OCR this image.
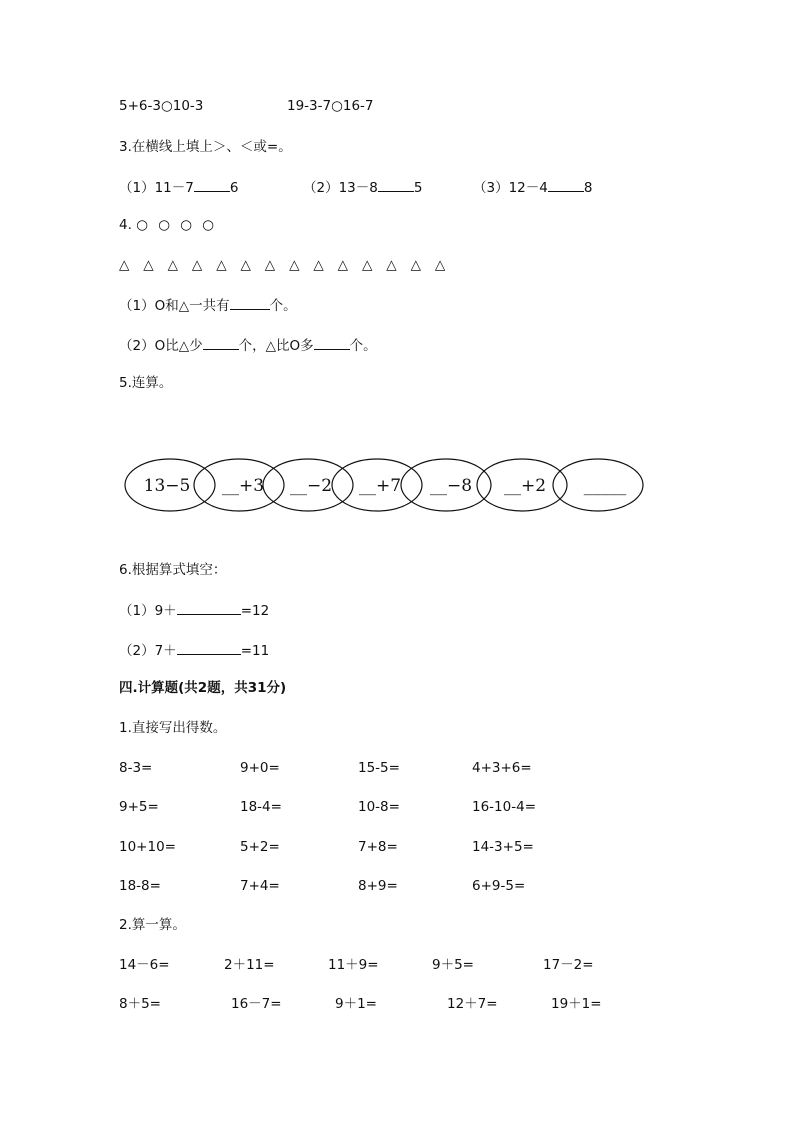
5+6-3○10-3	19-3-7○16-7
3.在横线上填上＞、＜或=。
（1）11－7	6	（2）13－8	5	（3）12－4	8
4. ○ ○ ○ ○
△ △ △ △ △ △ △ △ △ △ △ △ △ △
（1）O和△一共有	个。
（2）O比△少	个，△比O多	个。
5.连算。
13−5 __+3 __−2 __+7 __−8 __+2 _____
6.根据算式填空：
（1）9＋	=12
（2）7＋	=11
四.计算题(共2题，共31分)
1.直接写出得数。
8-3=	9+0=	15-5=	4+3+6=
9+5=	18-4=	10-8=	16-10-4=
10+10=	5+2=	7+8=	14-3+5=
18-8=	7+4=	8+9=	6+9-5=
2.算一算。
14－6=	2＋11=	11＋9=	9＋5=	17－2=
8＋5=	16－7=	9＋1=	12＋7=	19＋1=
